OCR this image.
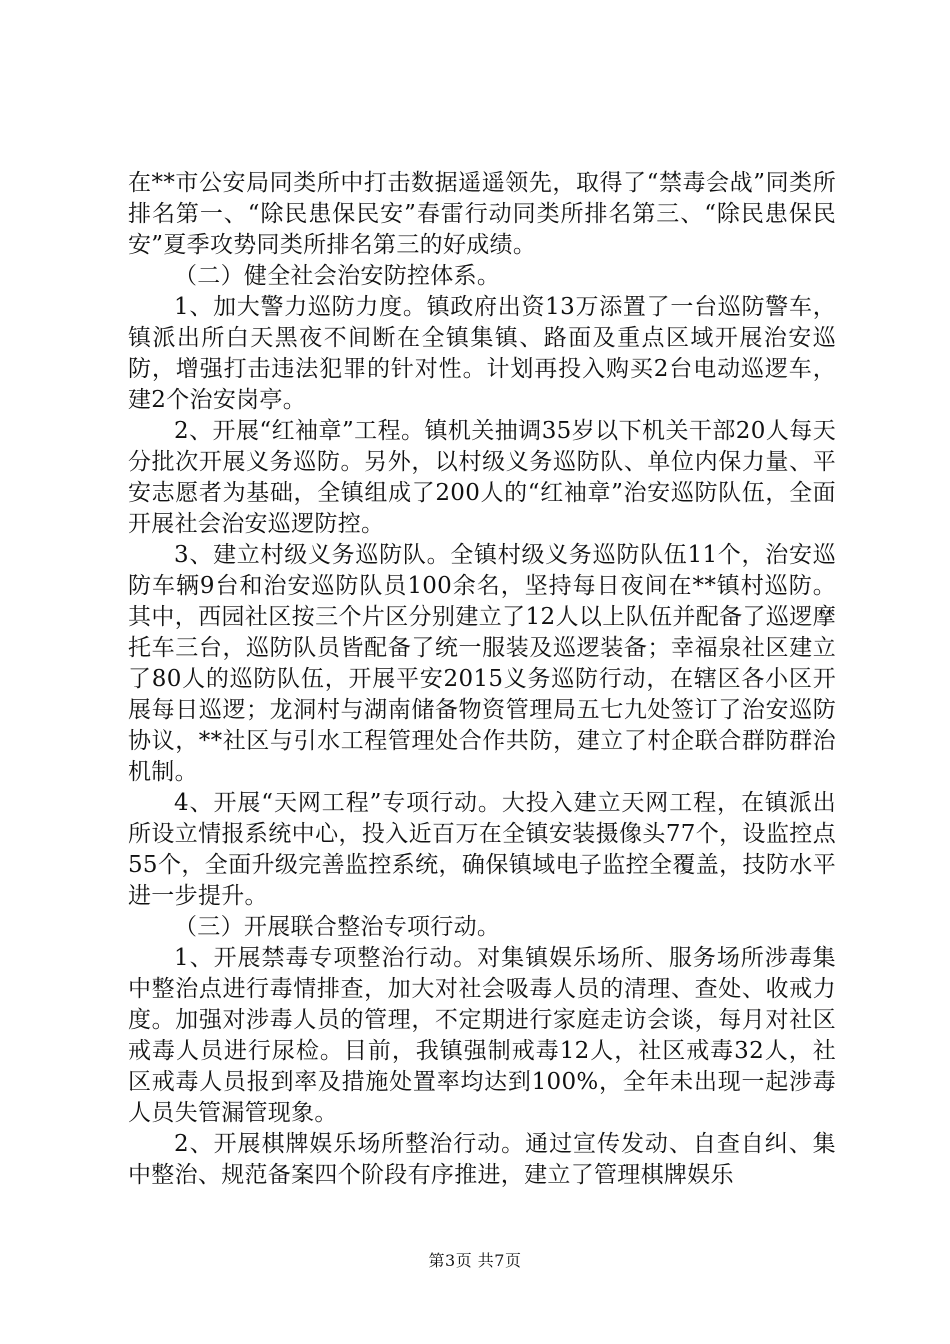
在**市公安局同类所中打击数据遥遥领先，取得了“禁毒会战”同类所排名第一、“除民患保民安”春雷行动同类所排名第三、“除民患保民安”夏季攻势同类所排名第三的好成绩。

（二）健全社会治安防控体系。

1、加大警力巡防力度。镇政府出资13万添置了一台巡防警车，镇派出所白天黑夜不间断在全镇集镇、路面及重点区域开展治安巡防，增强打击违法犯罪的针对性。计划再投入购买2台电动巡逻车，建2个治安岗亭。

2、开展“红袖章”工程。镇机关抽调35岁以下机关干部20人每天分批次开展义务巡防。另外，以村级义务巡防队、单位内保力量、平安志愿者为基础，全镇组成了200人的“红袖章”治安巡防队伍，全面开展社会治安巡逻防控。

3、建立村级义务巡防队。全镇村级义务巡防队伍11个，治安巡防车辆9台和治安巡防队员100余名，坚持每日夜间在**镇村巡防。其中，西园社区按三个片区分别建立了12人以上队伍并配备了巡逻摩托车三台，巡防队员皆配备了统一服装及巡逻装备；幸福泉社区建立了80人的巡防队伍，开展平安2015义务巡防行动，在辖区各小区开展每日巡逻；龙洞村与湖南储备物资管理局五七九处签订了治安巡防协议，**社区与引水工程管理处合作共防，建立了村企联合群防群治机制。

4、开展“天网工程”专项行动。大投入建立天网工程，在镇派出所设立情报系统中心，投入近百万在全镇安装摄像头77个，设监控点55个，全面升级完善监控系统，确保镇域电子监控全覆盖，技防水平进一步提升。

（三）开展联合整治专项行动。

1、开展禁毒专项整治行动。对集镇娱乐场所、服务场所涉毒集中整治点进行毒情排查，加大对社会吸毒人员的清理、查处、收戒力度。加强对涉毒人员的管理，不定期进行家庭走访会谈，每月对社区戒毒人员进行尿检。目前，我镇强制戒毒12人，社区戒毒32人，社区戒毒人员报到率及措施处置率均达到100%，全年未出现一起涉毒人员失管漏管现象。

2、开展棋牌娱乐场所整治行动。通过宣传发动、自查自纠、集中整治、规范备案四个阶段有序推进，建立了管理棋牌娱乐

第3页 共7页
